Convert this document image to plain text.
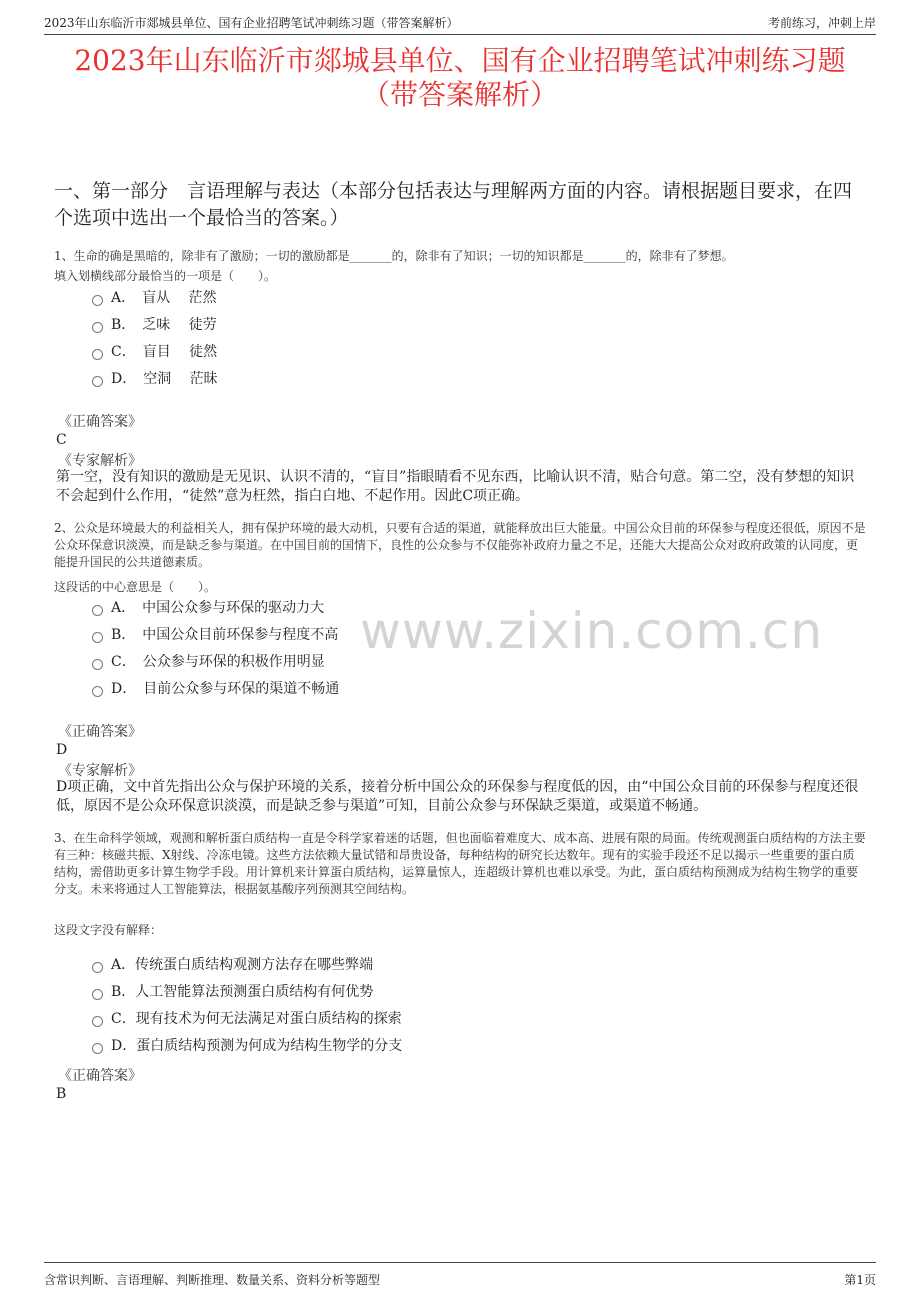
2023年山东临沂市郯城县单位、国有企业招聘笔试冲刺练习题（带答案解析）	考前练习，冲刺上岸
2023年山东临沂市郯城县单位、国有企业招聘笔试冲刺练习题
（带答案解析）
一、第一部分　言语理解与表达（本部分包括表达与理解两方面的内容。请根据题目要求，在四个选项中选出一个最恰当的答案。）
1、生命的确是黑暗的，除非有了激励；一切的激励都是_______的，除非有了知识；一切的知识都是_______的，除非有了梦想。
填入划横线部分最恰当的一项是（　　）。
A．　盲从　 茫然
B．　乏味　 徒劳
C．　盲目　 徒然
D．　空洞　 茫昧
《正确答案》
C
《专家解析》
第一空，没有知识的激励是无见识、认识不清的，“盲目”指眼睛看不见东西，比喻认识不清，贴合句意。第二空，没有梦想的知识不会起到什么作用，“徒然”意为枉然，指白白地、不起作用。因此C项正确。
2、公众是环境最大的利益相关人，拥有保护环境的最大动机，只要有合适的渠道，就能释放出巨大能量。中国公众目前的环保参与程度还很低，原因不是公众环保意识淡漠，而是缺乏参与渠道。在中国目前的国情下，良性的公众参与不仅能弥补政府力量之不足，还能大大提高公众对政府政策的认同度，更能提升国民的公共道德素质。
这段话的中心意思是（　　）。
A．　中国公众参与环保的驱动力大
B．　中国公众目前环保参与程度不高
C．　公众参与环保的积极作用明显
D．　目前公众参与环保的渠道不畅通
《正确答案》
D
《专家解析》
D项正确，文中首先指出公众与保护环境的关系，接着分析中国公众的环保参与程度低的因，由“中国公众目前的环保参与程度还很低，原因不是公众环保意识淡漠，而是缺乏参与渠道”可知，目前公众参与环保缺乏渠道，或渠道不畅通。
3、在生命科学领域，观测和解析蛋白质结构一直是令科学家着迷的话题，但也面临着难度大、成本高、进展有限的局面。传统观测蛋白质结构的方法主要有三种：核磁共振、X射线、冷冻电镜。这些方法依赖大量试错和昂贵设备，每种结构的研究长达数年。现有的实验手段还不足以揭示一些重要的蛋白质结构，需借助更多计算生物学手段。用计算机来计算蛋白质结构，运算量惊人，连超级计算机也难以承受。为此，蛋白质结构预测成为结构生物学的重要分支。未来将通过人工智能算法，根据氨基酸序列预测其空间结构。
这段文字没有解释：
A．传统蛋白质结构观测方法存在哪些弊端
B．人工智能算法预测蛋白质结构有何优势
C．现有技术为何无法满足对蛋白质结构的探索
D．蛋白质结构预测为何成为结构生物学的分支
《正确答案》
B
www.zixin.com.cn
含常识判断、言语理解、判断推理、数量关系、资料分析等题型	第1页
